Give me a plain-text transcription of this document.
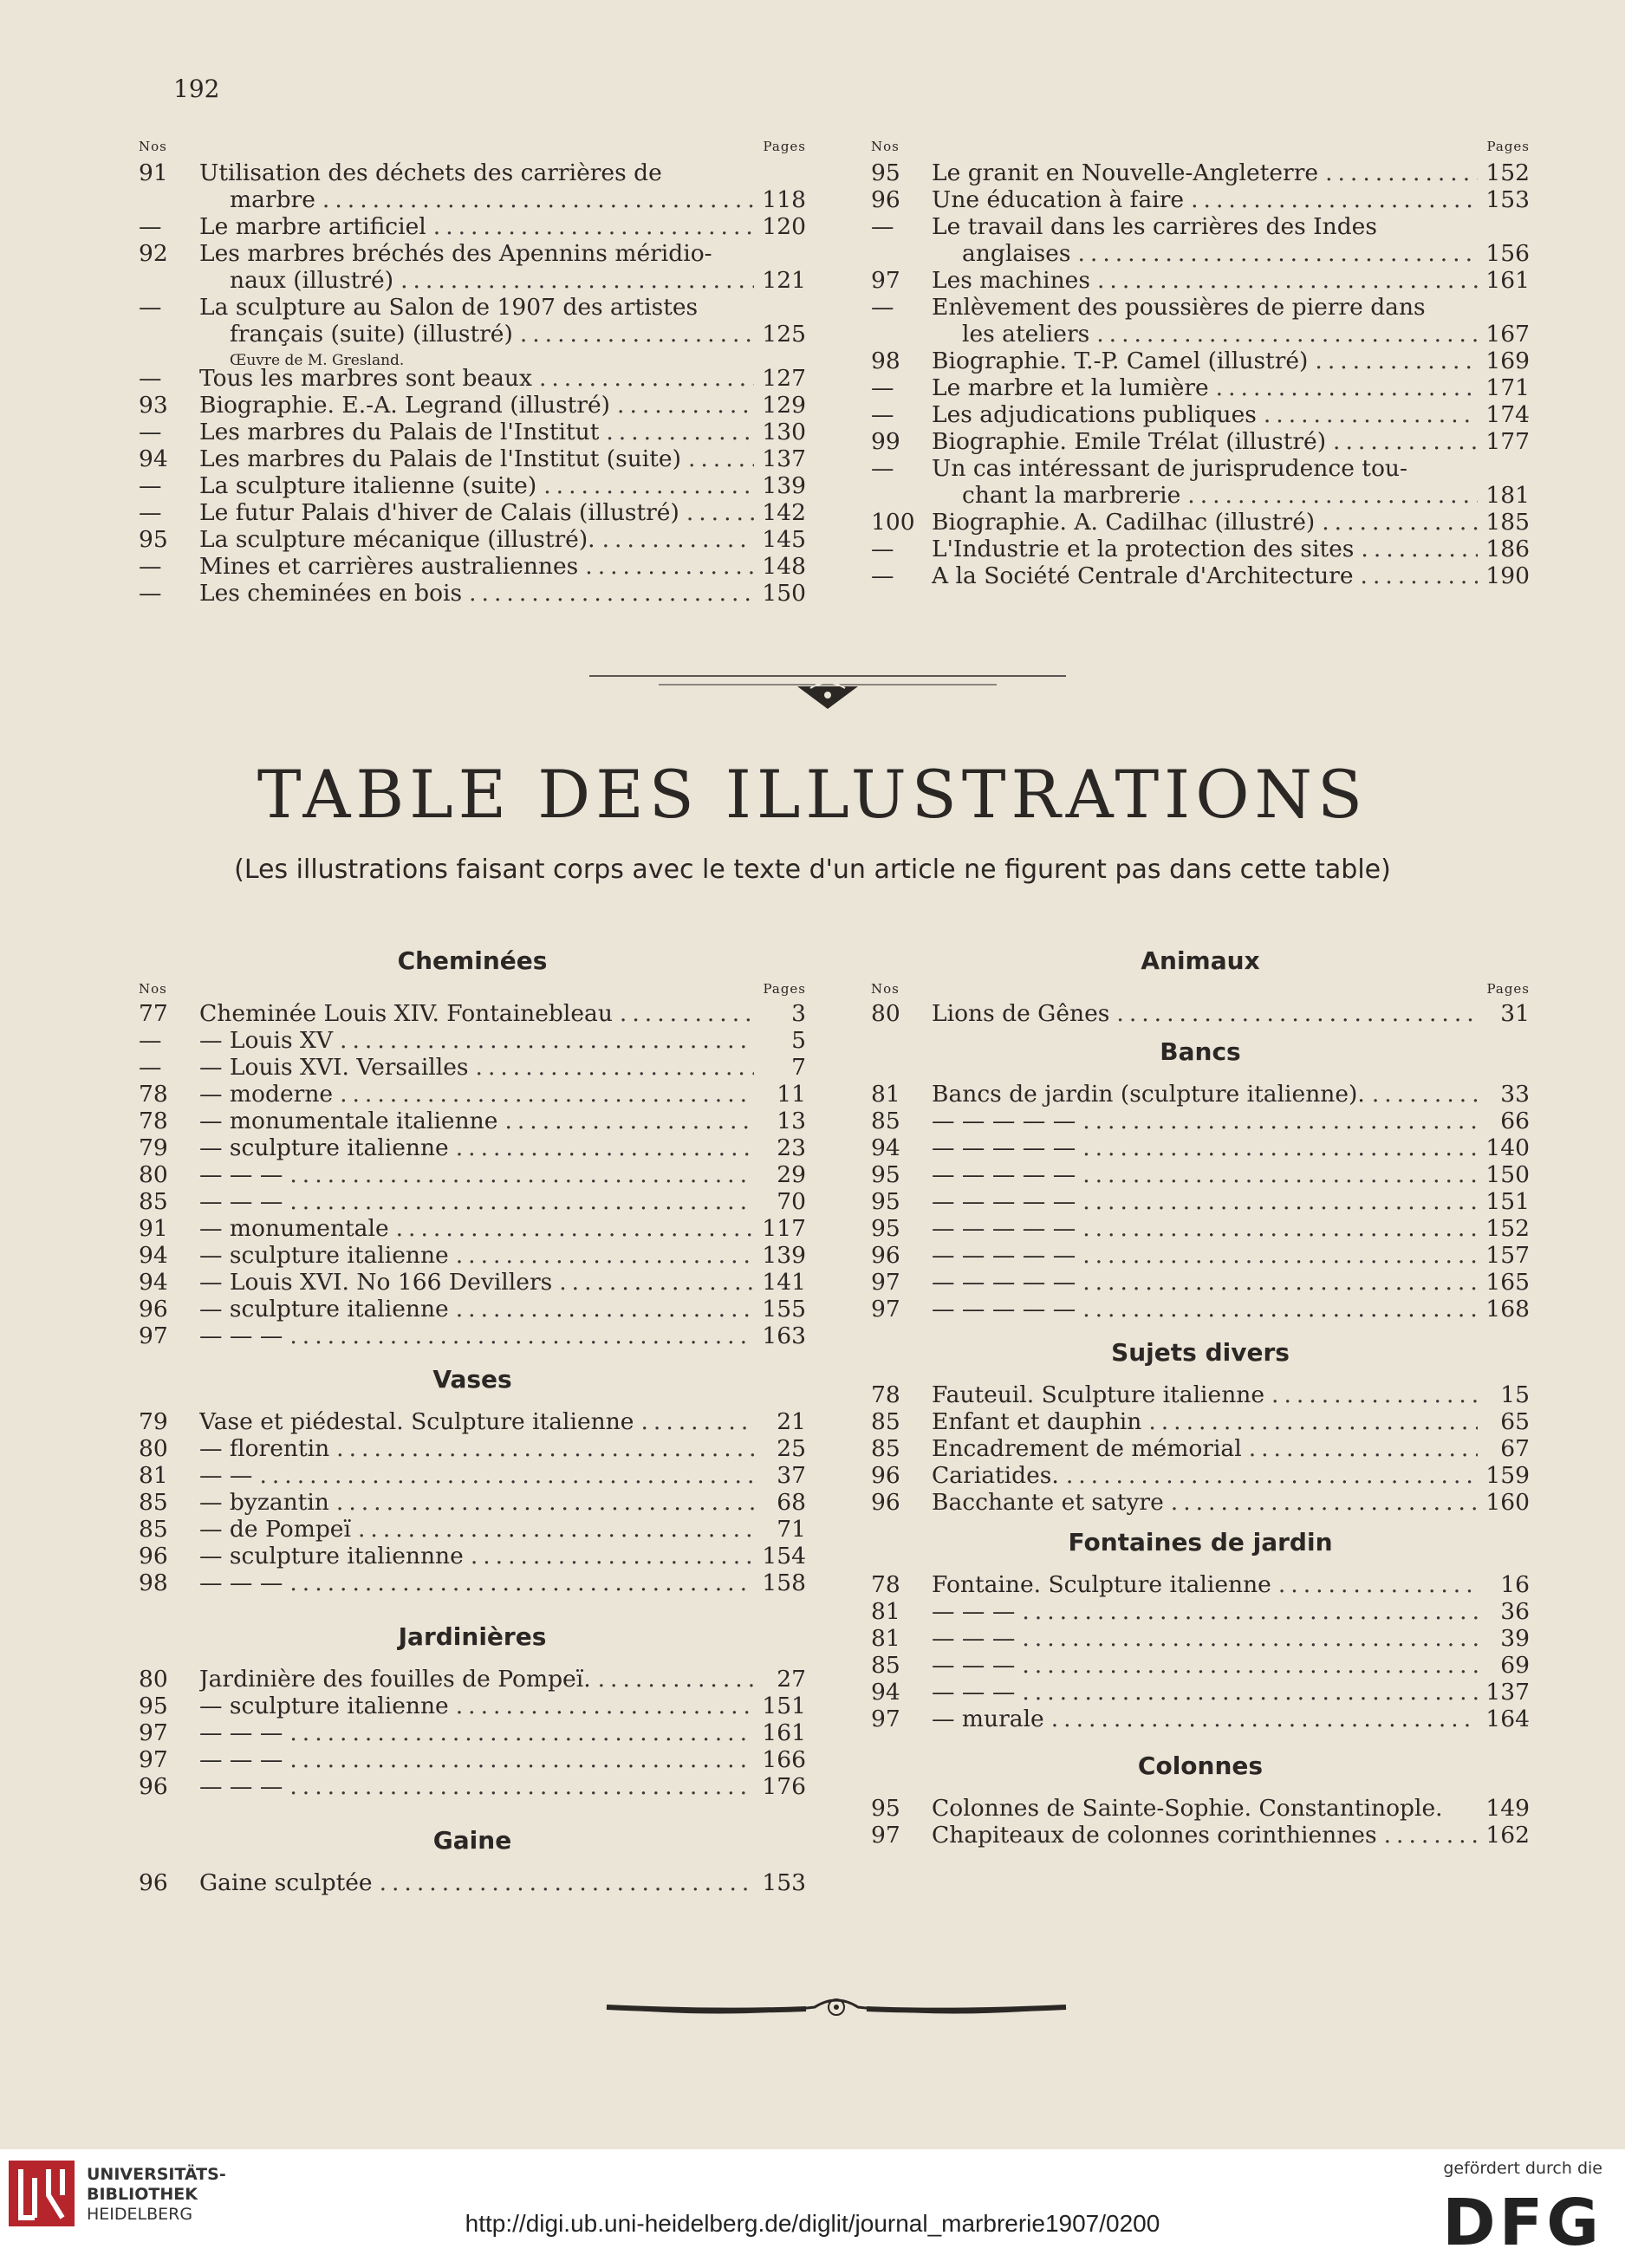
192
Nos	Pages
91	Utilisation des déchets des carrières de
marbre .....	118
—	Le marbre artificiel .....	120
92	Les marbres bréchés des Apennins méridio-
naux (illustré) .....	121
—	La sculpture au Salon de 1907 des artistes
français (suite) (illustré) .....	125
Œuvre de M. Gresland.
—	Tous les marbres sont beaux .....	127
93	Biographie. E.-A. Legrand (illustré) .....	129
—	Les marbres du Palais de l'Institut .....	130
94	Les marbres du Palais de l'Institut (suite) .....	137
—	La sculpture italienne (suite) .....	139
—	Le futur Palais d'hiver de Calais (illustré) .....	142
95	La sculpture mécanique (illustré). .....	145
—	Mines et carrières australiennes .....	148
—	Les cheminées en bois .....	150
Nos	Pages
95	Le granit en Nouvelle-Angleterre .....	152
96	Une éducation à faire .....	153
—	Le travail dans les carrières des Indes
anglaises .....	156
97	Les machines .....	161
—	Enlèvement des poussières de pierre dans
les ateliers .....	167
98	Biographie. T.-P. Camel (illustré) .....	169
—	Le marbre et la lumière .....	171
—	Les adjudications publiques .....	174
99	Biographie. Emile Trélat (illustré) .....	177
—	Un cas intéressant de jurisprudence tou-
chant la marbrerie .....	181
100 Biographie. A. Cadilhac (illustré) .....	185
—	L'Industrie et la protection des sites .....	186
—	A la Société Centrale d'Architecture .....	190
TABLE DES ILLUSTRATIONS
(Les illustrations faisant corps avec le texte d'un article ne figurent pas dans cette table)
Cheminées
Nos	Pages
77	Cheminée Louis XIV. Fontainebleau .....	3
—	— Louis XV .....	5
—	— Louis XVI. Versailles .....	7
78	— moderne .....	11
78	— monumentale italienne .....	13
79	— sculpture italienne .....	23
80	— — — .....	29
85	— — — .....	70
91	— monumentale .....	117
94	— sculpture italienne .....	139
94	— Louis XVI. No 166 Devillers .....	141
96	— sculpture italienne .....	155
97	— — — .....	163
Vases
79	Vase et piédestal. Sculpture italienne .....	21
80	— florentin .....	25
81	— — .....	37
85	— byzantin .....	68
85	— de Pompeï .....	71
96	— sculpture italiennne .....	154
98	— — — .....	158
Jardinières
80	Jardinière des fouilles de Pompeï. .....	27
95	— sculpture italienne .....	151
97	— — — .....	161
97	— — — .....	166
96	— — — .....	176
Gaine
96	Gaine sculptée .....	153
Animaux
Nos	Pages
80	Lions de Gênes .....	31
Bancs
81	Bancs de jardin (sculpture italienne). .....	33
85	— — — — — .....	66
94	— — — — — .....	140
95	— — — — — .....	150
95	— — — — — .....	151
95	— — — — — .....	152
96	— — — — — .....	157
97	— — — — — .....	165
97	— — — — — .....	168
Sujets divers
78	Fauteuil. Sculpture italienne .....	15
85	Enfant et dauphin .....	65
85	Encadrement de mémorial .....	67
96	Cariatides. .....	159
96	Bacchante et satyre .....	160
Fontaines de jardin
78	Fontaine. Sculpture italienne .....	16
81	— — — .....	36
81	— — — .....	39
85	— — — .....	69
94	— — — .....	137
97	— murale .....	164
Colonnes
95	Colonnes de Sainte-Sophie. Constantinople.	149
97	Chapiteaux de colonnes corinthiennes .....	162
UNIVERSITÄTS-
BIBLIOTHEK
HEIDELBERG	http://digi.ub.uni-heidelberg.de/diglit/journal_marbrerie1907/0200
gefördert durch die
DFG
